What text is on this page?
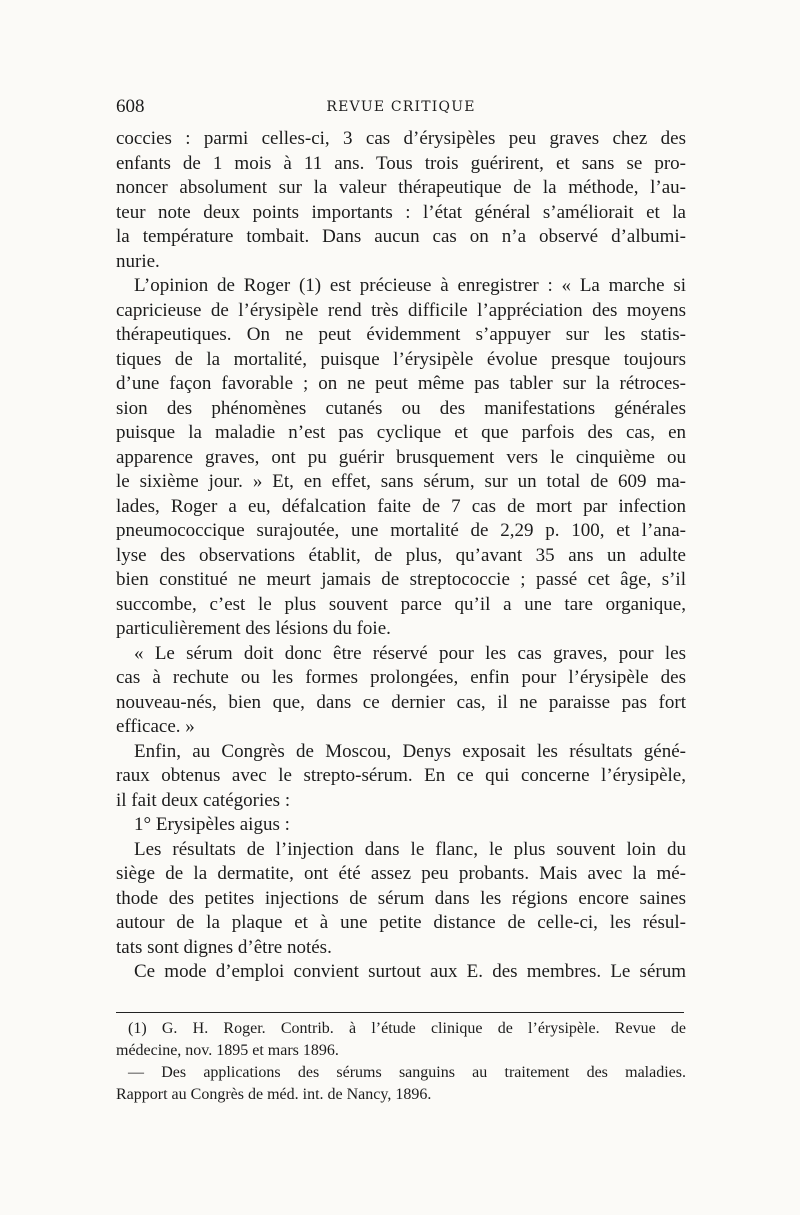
608	REVUE CRITIQUE
coccies : parmi celles-ci, 3 cas d’érysipèles peu graves chez des
enfants de 1 mois à 11 ans. Tous trois guérirent, et sans se pro-
noncer absolument sur la valeur thérapeutique de la méthode, l’au-
teur note deux points importants : l’état général s’améliorait et la
la température tombait. Dans aucun cas on n’a observé d’albumi-
nurie.
L’opinion de Roger (1) est précieuse à enregistrer : « La marche si
capricieuse de l’érysipèle rend très difficile l’appréciation des moyens
thérapeutiques. On ne peut évidemment s’appuyer sur les statis-
tiques de la mortalité, puisque l’érysipèle évolue presque toujours
d’une façon favorable ; on ne peut même pas tabler sur la rétroces-
sion des phénomènes cutanés ou des manifestations générales
puisque la maladie n’est pas cyclique et que parfois des cas, en
apparence graves, ont pu guérir brusquement vers le cinquième ou
le sixième jour. » Et, en effet, sans sérum, sur un total de 609 ma-
lades, Roger a eu, défalcation faite de 7 cas de mort par infection
pneumococcique surajoutée, une mortalité de 2,29 p. 100, et l’ana-
lyse des observations établit, de plus, qu’avant 35 ans un adulte
bien constitué ne meurt jamais de streptococcie ; passé cet âge, s’il
succombe, c’est le plus souvent parce qu’il a une tare organique,
particulièrement des lésions du foie.
« Le sérum doit donc être réservé pour les cas graves, pour les
cas à rechute ou les formes prolongées, enfin pour l’érysipèle des
nouveau-nés, bien que, dans ce dernier cas, il ne paraisse pas fort
efficace. »
Enfin, au Congrès de Moscou, Denys exposait les résultats géné-
raux obtenus avec le strepto-sérum. En ce qui concerne l’érysipèle,
il fait deux catégories :
1° Erysipèles aigus :
Les résultats de l’injection dans le flanc, le plus souvent loin du
siège de la dermatite, ont été assez peu probants. Mais avec la mé-
thode des petites injections de sérum dans les régions encore saines
autour de la plaque et à une petite distance de celle-ci, les résul-
tats sont dignes d’être notés.
Ce mode d’emploi convient surtout aux E. des membres. Le sérum
(1) G. H. Roger. Contrib. à l’étude clinique de l’érysipèle. Revue de
médecine, nov. 1895 et mars 1896.
— Des applications des sérums sanguins au traitement des maladies.
Rapport au Congrès de méd. int. de Nancy, 1896.
